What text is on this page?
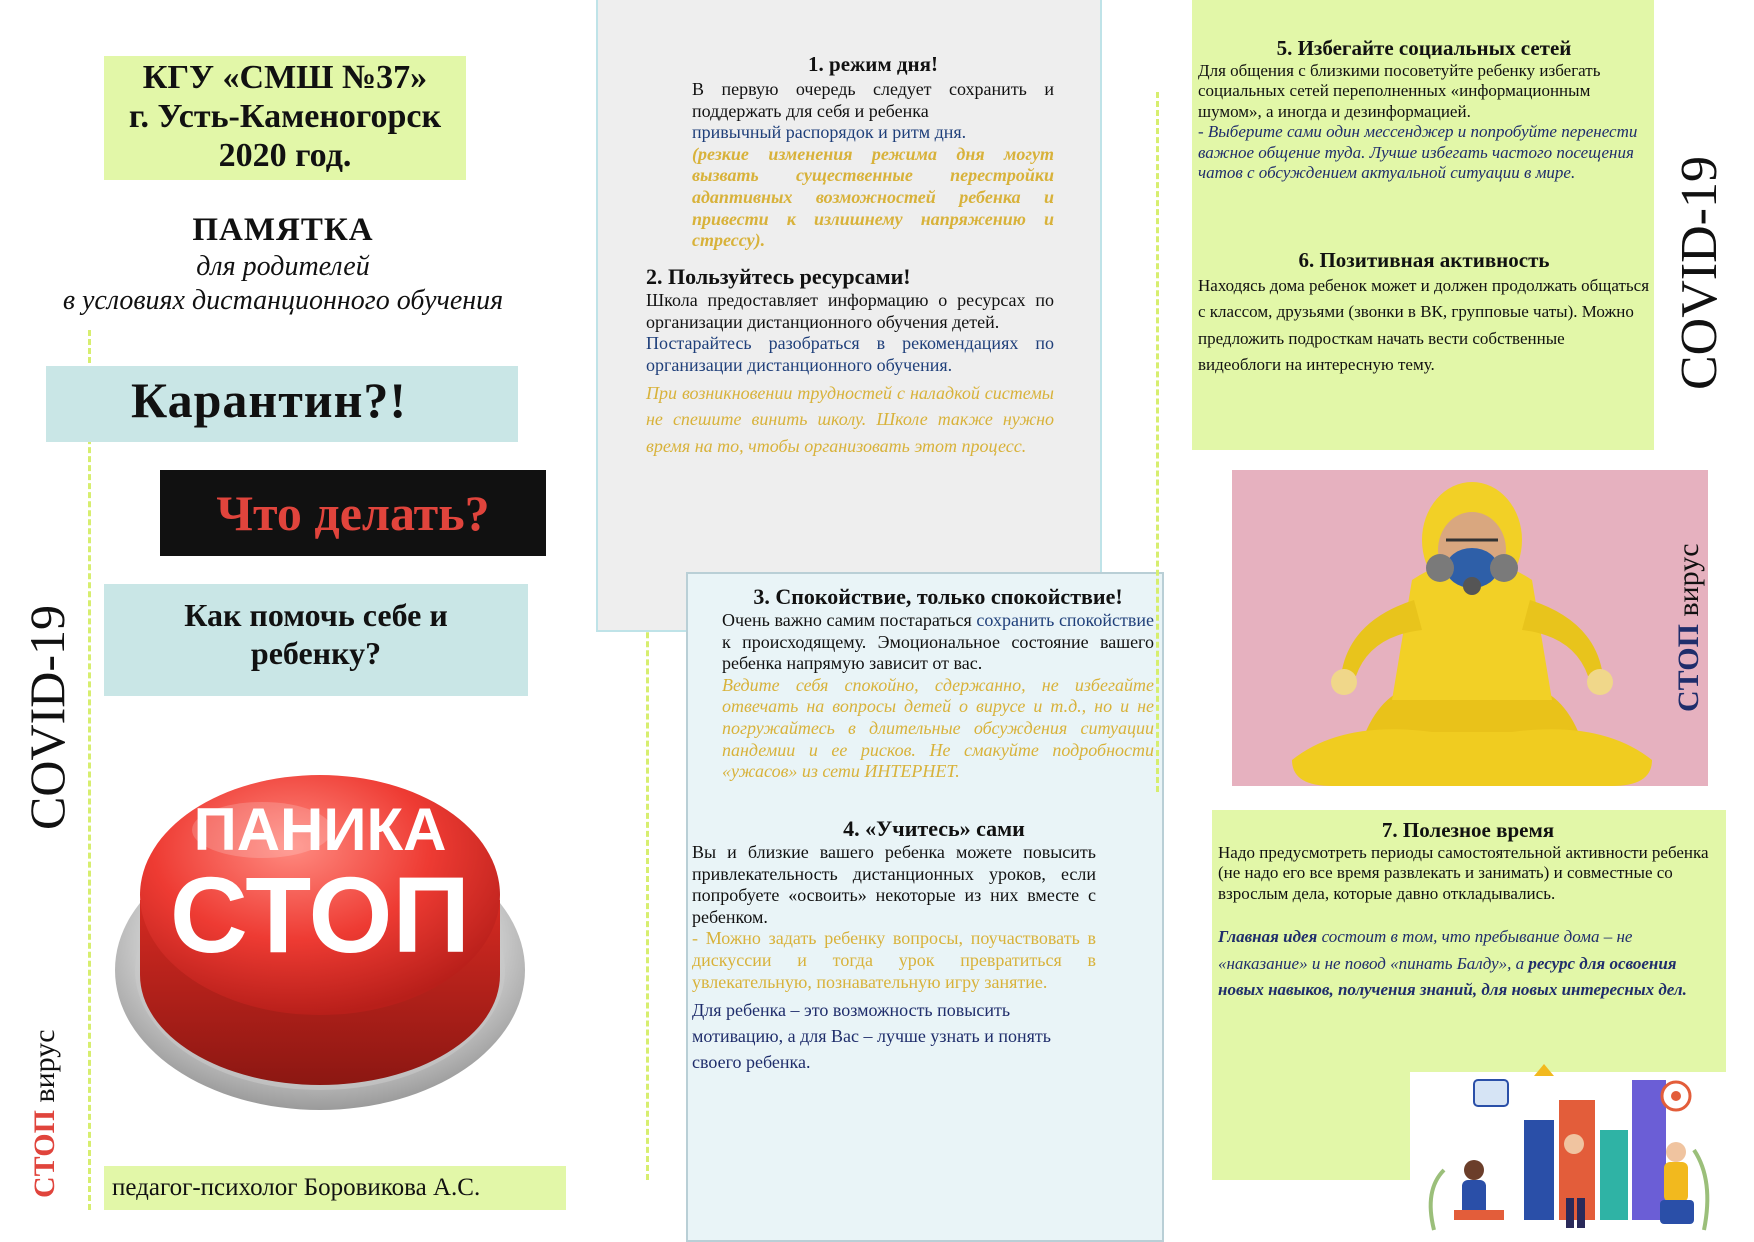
КГУ «СМШ №37»
г. Усть-Каменогорск
2020 год.
ПАМЯТКА
для родителей
в условиях дистанционного обучения
Карантин?!
Что делать?
Как помочь себе и ребенку?
ПАНИКА
СТОП
COVID-19
СТОП вирус
педагог-психолог Боровикова А.С.

1. режим дня!

В первую очередь следует сохранить и поддержать для себя и ребенка

привычный распорядок и ритм дня.

(резкие изменения режима дня могут вызвать существенные перестройки адаптивных возможностей ребенка и привести к излишнему напряжению и стрессу).

2. Пользуйтесь ресурсами!

Школа предоставляет информацию о ресурсах по организации дистанционного обучения детей.

Постарайтесь разобраться в рекомендациях по организации дистанционного обучения.

При возникновении трудностей с наладкой системы не спешите винить школу. Школе также нужно время на то, чтобы организовать этот процесс.

3. Спокойствие, только спокойствие!

Очень важно самим постараться сохранить спокойствие к происходящему. Эмоциональное состояние вашего ребенка напрямую зависит от вас.

Ведите себя спокойно, сдержанно, не избегайте отвечать на вопросы детей о вирусе и т.д., но и не погружайтесь в длительные обсуждения ситуации пандемии и ее рисков. Не смакуйте подробности «ужасов» из сети ИНТЕРНЕТ.

4. «Учитесь» сами

Вы и близкие вашего ребенка можете повысить привлекательность дистанционных уроков, если попробуете «освоить» некоторые из них вместе с ребенком.

- Можно задать ребенку вопросы, поучаствовать в дискуссии и тогда урок превратиться в увлекательную, познавательную игру занятие.

Для ребенка – это возможность повысить мотивацию, а для Вас – лучше узнать и понять своего ребенка.

5. Избегайте социальных сетей

Для общения с близкими посоветуйте ребенку избегать социальных сетей переполненных «информационным шумом», а иногда и дезинформацией.

- Выберите сами один мессенджер и попробуйте перенести важное общение туда. Лучше избегать частого посещения чатов с обсуждением актуальной ситуации в мире.

6. Позитивная активность

Находясь дома ребенок может и должен продолжать общаться с классом, друзьями (звонки в ВК, групповые чаты). Можно предложить подросткам начать вести собственные видеоблоги на интересную тему.	COVID-19
СТОП вирус

7. Полезное время

Надо предусмотреть периоды самостоятельной активности ребенка (не надо его все время развлекать и занимать) и совместные со взрослым дела, которые давно откладывались.

Главная идея состоит в том, что пребывание дома – не «наказание» и не повод «пинать Балду», а ресурс для освоения новых навыков, получения знаний, для новых интересных дел.
